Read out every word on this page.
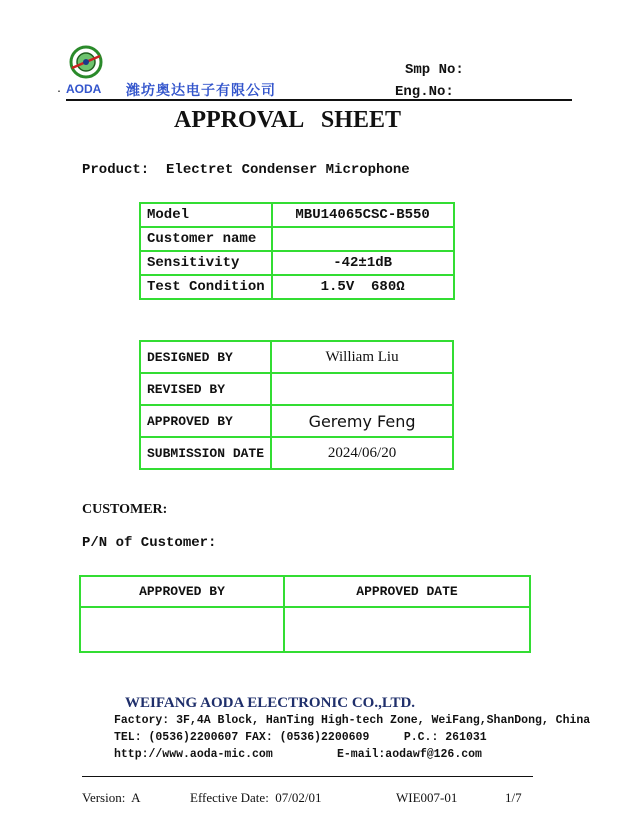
. AODA 潍坊奥达电子有限公司
Smp No:
Eng.No:
APPROVAL   SHEET
Product:  Electret Condenser Microphone
Model	MBU14065CSC-B550
Customer name	
Sensitivity	-42±1dB
Test Condition	1.5V  680Ω
DESIGNED BY	William Liu
REVISED BY	
APPROVED BY	Geremy Feng
SUBMISSION DATE	2024/06/20
CUSTOMER:
P/N of Customer:
APPROVED BY	APPROVED DATE

WEIFANG AODA ELECTRONIC CO.,LTD.
Factory: 3F,4A Block, HanTing High-tech Zone, WeiFang,ShanDong, China
TEL: (0536)2200607 FAX: (0536)2200609     P.C.: 261031
http://www.aoda-mic.com	E-mail:aodawf@126.com
Version:  A	Effective Date:  07/02/01	WIE007-01	1/7
